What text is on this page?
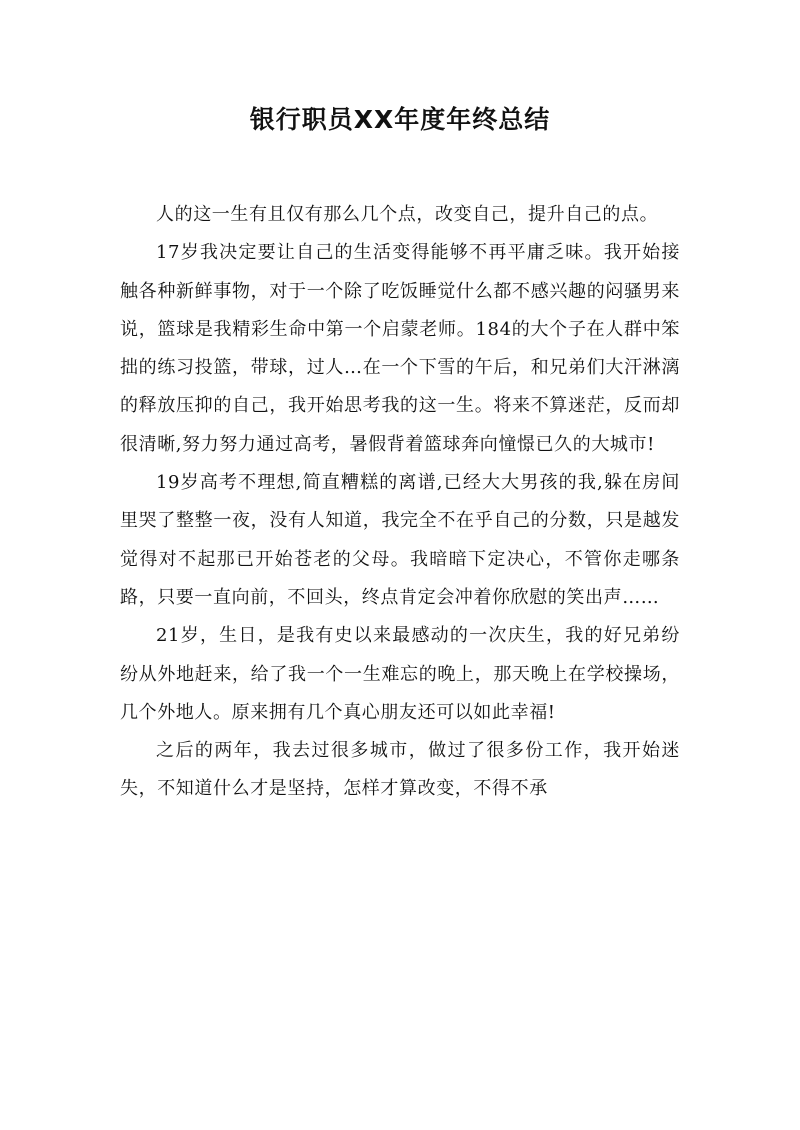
银行职员XX年度年终总结

人的这一生有且仅有那么几个点，改变自己，提升自己的点。

17岁我决定要让自己的生活变得能够不再平庸乏味。我开始接触各种新鲜事物，对于一个除了吃饭睡觉什么都不感兴趣的闷骚男来说，篮球是我精彩生命中第一个启蒙老师。184的大个子在人群中笨拙的练习投篮，带球，过人…在一个下雪的午后，和兄弟们大汗淋漓的释放压抑的自己，我开始思考我的这一生。将来不算迷茫，反而却很清晰,努力努力通过高考，暑假背着篮球奔向憧憬已久的大城市!

19岁高考不理想,简直糟糕的离谱,已经大大男孩的我,躲在房间里哭了整整一夜，没有人知道，我完全不在乎自己的分数，只是越发觉得对不起那已开始苍老的父母。我暗暗下定决心，不管你走哪条路，只要一直向前，不回头，终点肯定会冲着你欣慰的笑出声……

21岁，生日，是我有史以来最感动的一次庆生，我的好兄弟纷纷从外地赶来，给了我一个一生难忘的晚上，那天晚上在学校操场，几个外地人。原来拥有几个真心朋友还可以如此幸福!

之后的两年，我去过很多城市，做过了很多份工作，我开始迷失，不知道什么才是坚持，怎样才算改变，不得不承
